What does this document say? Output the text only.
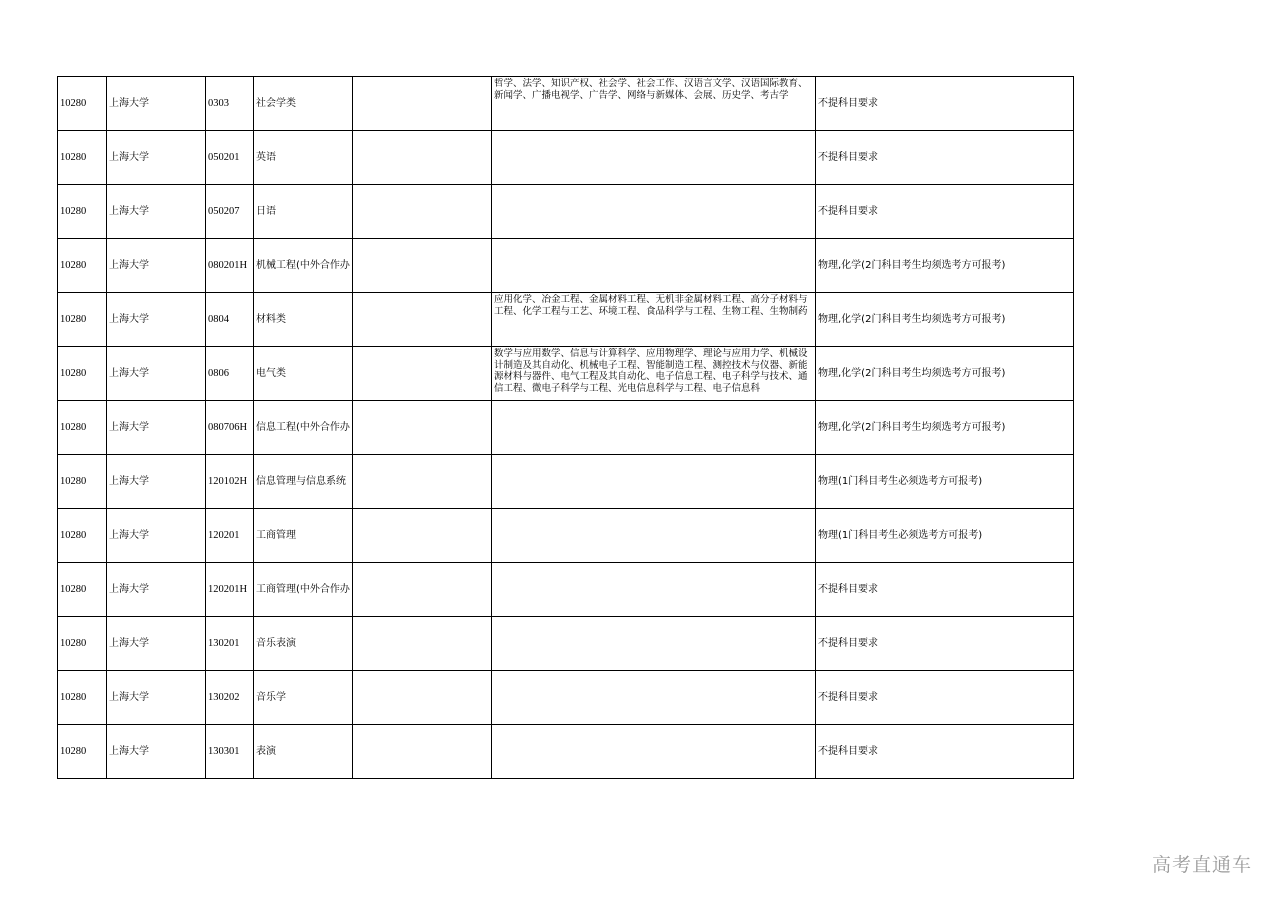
10280	上海大学	0303	社会学类		哲学、法学、知识产权、社会学、社会工作、汉语言文学、汉语国际教育、新闻学、广播电视学、广告学、网络与新媒体、会展、历史学、考古学	不提科目要求
10280	上海大学	050201	英语			不提科目要求
10280	上海大学	050207	日语			不提科目要求
10280	上海大学	080201H	机械工程(中外合作办			物理,化学(2门科目考生均须选考方可报考)
10280	上海大学	0804	材料类		应用化学、冶金工程、金属材料工程、无机非金属材料工程、高分子材料与工程、化学工程与工艺、环境工程、食品科学与工程、生物工程、生物制药	物理,化学(2门科目考生均须选考方可报考)
10280	上海大学	0806	电气类		数学与应用数学、信息与计算科学、应用物理学、理论与应用力学、机械设计制造及其自动化、机械电子工程、智能制造工程、测控技术与仪器、新能源材料与器件、电气工程及其自动化、电子信息工程、电子科学与技术、通信工程、微电子科学与工程、光电信息科学与工程、电子信息科	物理,化学(2门科目考生均须选考方可报考)
10280	上海大学	080706H	信息工程(中外合作办			物理,化学(2门科目考生均须选考方可报考)
10280	上海大学	120102H	信息管理与信息系统			物理(1门科目考生必须选考方可报考)
10280	上海大学	120201	工商管理			物理(1门科目考生必须选考方可报考)
10280	上海大学	120201H	工商管理(中外合作办			不提科目要求
10280	上海大学	130201	音乐表演			不提科目要求
10280	上海大学	130202	音乐学			不提科目要求
10280	上海大学	130301	表演			不提科目要求
高考直通车
